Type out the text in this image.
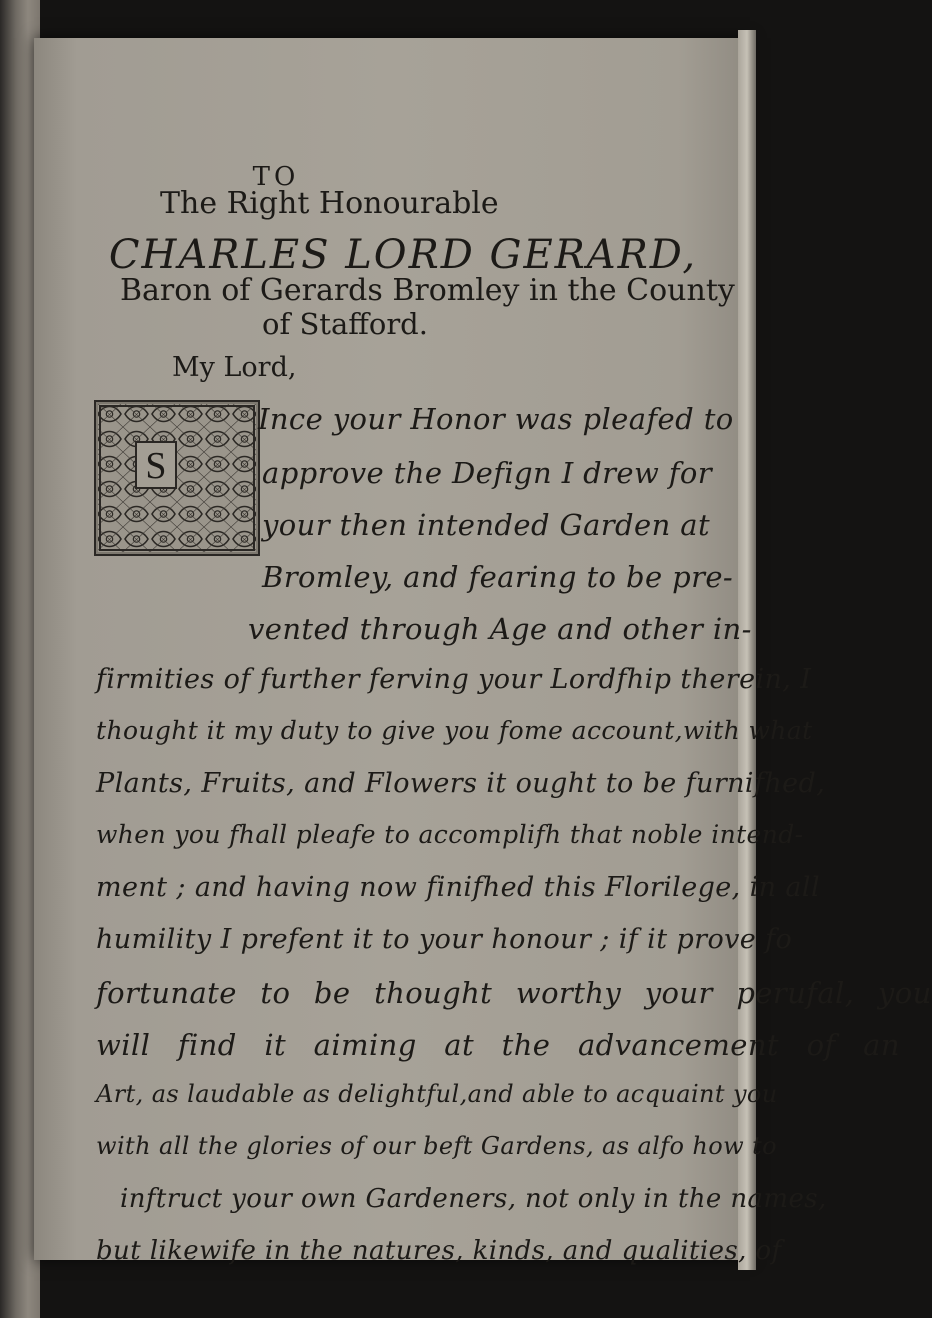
TO
The Right Honourable
CHARLES LORD GERARD,
Baron of Gerards Bromley in the County
of Stafford.
My Lord,
S
Ince your Honor was pleafed to
approve the Defign I drew for
your then intended Garden at
Bromley, and fearing to be pre-
vented through Age and other in-
firmities of further ferving your Lordfhip therein, I
thought it my duty to give you fome account,with what
Plants, Fruits, and Flowers it ought to be furnifhed,
when you fhall pleafe to accomplifh that noble intend-
ment ; and having now finifhed this Florilege, in all
humility I prefent it to your honour ; if it prove fo
fortunate to be thought worthy your perufal, you
will find it aiming at the advancement of an
Art, as laudable as delightful,and able to acquaint you
with all the glories of our beft Gardens, as alfo how to
inftruct your own Gardeners, not only in the names,
but likewife in the natures, kinds, and qualities, of
